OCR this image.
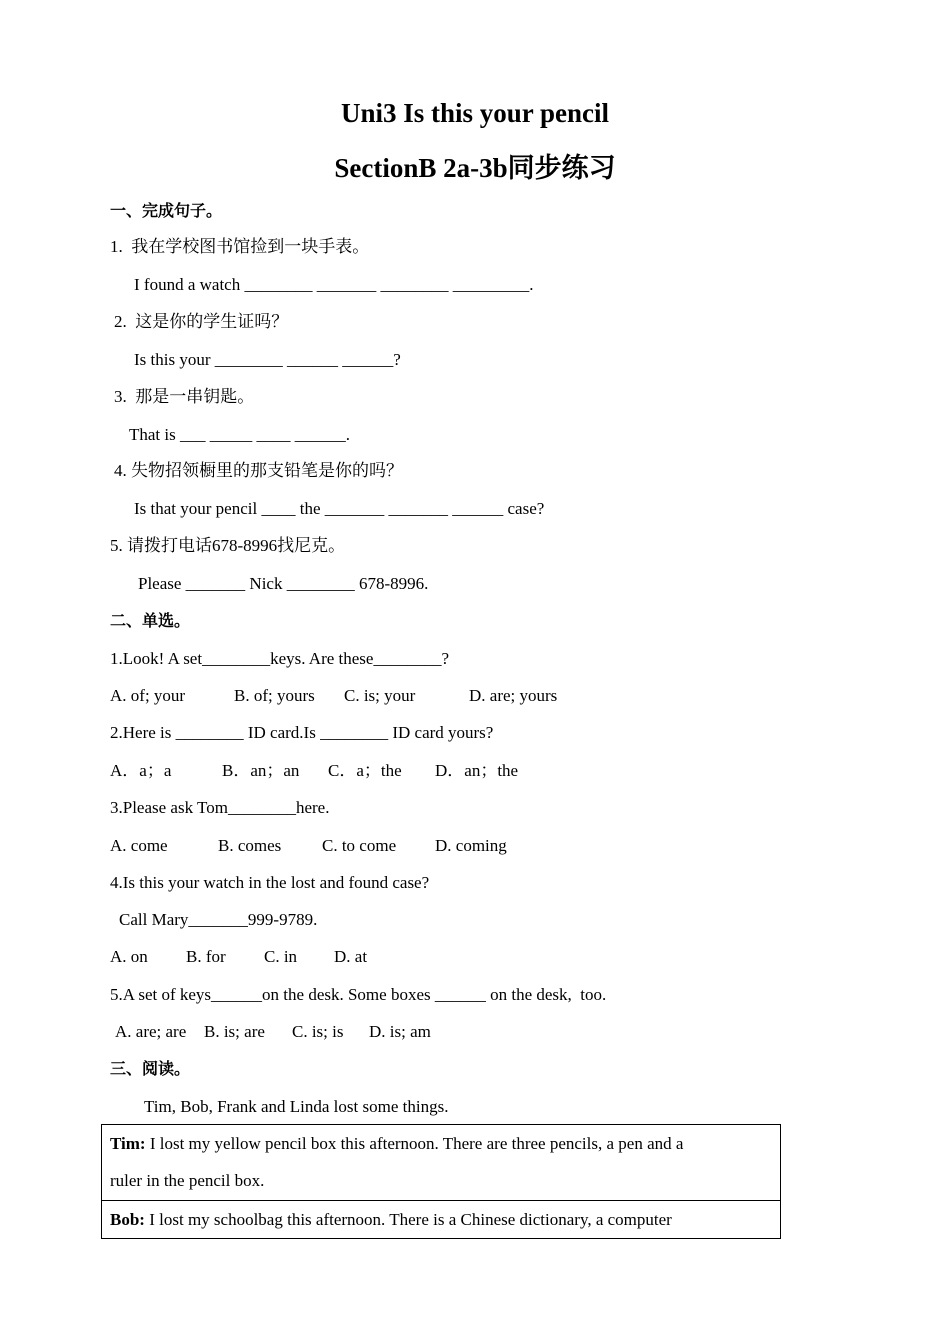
Uni3 Is this your pencil
SectionB 2a-3b同步练习
一、完成句子。
1.  我在学校图书馆捡到一块手表。
I found a watch ________ _______ ________ _________.
2.  这是你的学生证吗？
Is this your ________ ______ ______?
3.  那是一串钥匙。
That is ___ _____ ____ ______.
4. 失物招领橱里的那支铅笔是你的吗？
Is that your pencil ____ the _______ _______ ______ case?
5. 请拨打电话678-8996找尼克。
Please _______ Nick ________ 678-8996.
二、单选。
1.Look! A set________keys. Are these________?
A. of; your	B. of; yours C. is; your	D. are; yours
2.Here is ________ ID card.Is ________ ID card yours?
A．a；a	B．an；an C．a；the D．an；the
3.Please ask Tom________here.
A. come	B. comes C. to come D. coming
4.Is this your watch in the lost and found case?
Call Mary_______999-9789.
A. on B. for C. in D. at
5.A set of keys______on the desk. Some boxes ______ on the desk,  too.
A. are; are B. is; are C. is; is D. is; am
三、阅读。
Tim, Bob, Frank and Linda lost some things.
Tim: I lost my yellow pencil box this afternoon. There are three pencils, a pen and a
ruler in the pencil box.
Bob: I lost my schoolbag this afternoon. There is a Chinese dictionary, a computer
